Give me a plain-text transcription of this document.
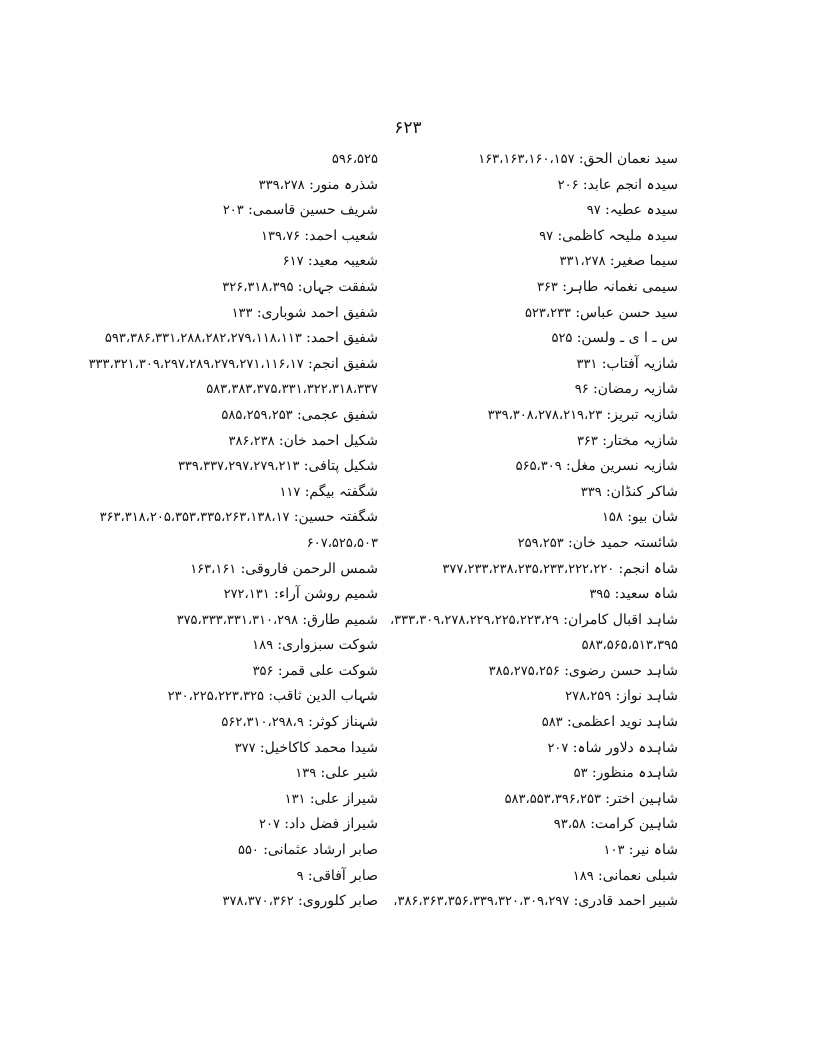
۶۲۳
سید نعمان الحق: ۱۶۳،۱۶۳،۱۶۰،۱۵۷
سیدہ انجم عابد: ۲۰۶
سیدہ عطیہ: ۹۷
سیدہ ملیحہ کاظمی: ۹۷
سیما صغیر: ۳۳۱،۲۷۸
سیمی نغمانہ طاہر: ۳۶۳
سید حسن عباس: ۵۲۳،۲۳۳
س ـ ا ی ـ ولسن: ۵۲۵
شازیہ آفتاب: ۳۳۱
شازیہ رمضان: ۹۶
شازیہ تبریز: ۳۳۹،۳۰۸،۲۷۸،۲۱۹،۲۳
شازیہ مختار: ۳۶۳
شازیہ نسرین مغل: ۵۶۵،۳۰۹
شاکر کنڈان: ۳۳۹
شان بیو: ۱۵۸
شائستہ حمید خان: ۲۵۹،۲۵۳
شاہ انجم: ۳۷۷،۲۳۳،۲۳۸،۲۳۵،۲۳۳،۲۲۲،۲۲۰
شاہ سعید: ۳۹۵
شاہد اقبال کامران: ۳۳۳،۳۰۹،۲۷۸،۲۲۹،۲۲۵،۲۲۳،۲۹،
۵۸۳،۵۶۵،۵۱۳،۳۹۵
شاہد حسن رضوی: ۳۸۵،۲۷۵،۲۵۶
شاہد نواز: ۲۷۸،۲۵۹
شاہد نوید اعظمی: ۵۸۳
شاہدہ دلاور شاہ: ۲۰۷
شاہدہ منظور: ۵۳
شاہین اختر: ۵۸۳،۵۵۳،۳۹۶،۲۵۳
شاہین کرامت: ۹۳،۵۸
شاہ نیر: ۱۰۳
شبلی نعمانی: ۱۸۹
شبیر احمد قادری: ۳۸۶،۳۶۳،۳۵۶،۳۳۹،۳۲۰،۳۰۹،۲۹۷،
۵۹۶،۵۲۵
شذرہ منور: ۳۳۹،۲۷۸
شریف حسین قاسمی: ۲۰۳
شعیب احمد: ۱۳۹،۷۶
شعیبہ معید: ۶۱۷
شفقت جہاں: ۳۲۶،۳۱۸،۳۹۵
شفیق احمد شوباری: ۱۳۳
شفیق احمد: ۵۹۳،۳۸۶،۳۳۱،۲۸۸،۲۸۲،۲۷۹،۱۱۸،۱۱۳
شفیق انجم: ۳۳۳،۳۲۱،۳۰۹،۲۹۷،۲۸۹،۲۷۹،۲۷۱،۱۱۶،۱۷
۵۸۳،۳۸۳،۳۷۵،۳۳۱،۳۲۲،۳۱۸،۳۳۷
شفیق عجمی: ۵۸۵،۲۵۹،۲۵۳
شکیل احمد خان: ۳۸۶،۲۳۸
شکیل پتافی: ۳۳۹،۳۳۷،۲۹۷،۲۷۹،۲۱۳
شگفتہ بیگم: ۱۱۷
شگفتہ حسین: ۳۶۳،۳۱۸،۲۰۵،۳۵۳،۳۳۵،۲۶۳،۱۳۸،۱۷
۶۰۷،۵۲۵،۵۰۳
شمس الرحمن فاروقی: ۱۶۳،۱۶۱
شمیم روشن آراء: ۲۷۲،۱۳۱
شمیم طارق: ۳۷۵،۳۳۳،۳۳۱،۳۱۰،۲۹۸
شوکت سبزواری: ۱۸۹
شوکت علی قمر: ۳۵۶
شہاب الدین ثاقب: ۲۳۰،۲۲۵،۲۲۳،۳۲۵
شہناز کوثر: ۵۶۲،۳۱۰،۲۹۸،۹
شیدا محمد کاکاخیل: ۳۷۷
شیر علی: ۱۳۹
شیراز علی: ۱۳۱
شیراز فضل داد: ۲۰۷
صابر ارشاد عثمانی: ۵۵۰
صابر آفاقی: ۹
صابر کلوروی: ۳۷۸،۳۷۰،۳۶۲
